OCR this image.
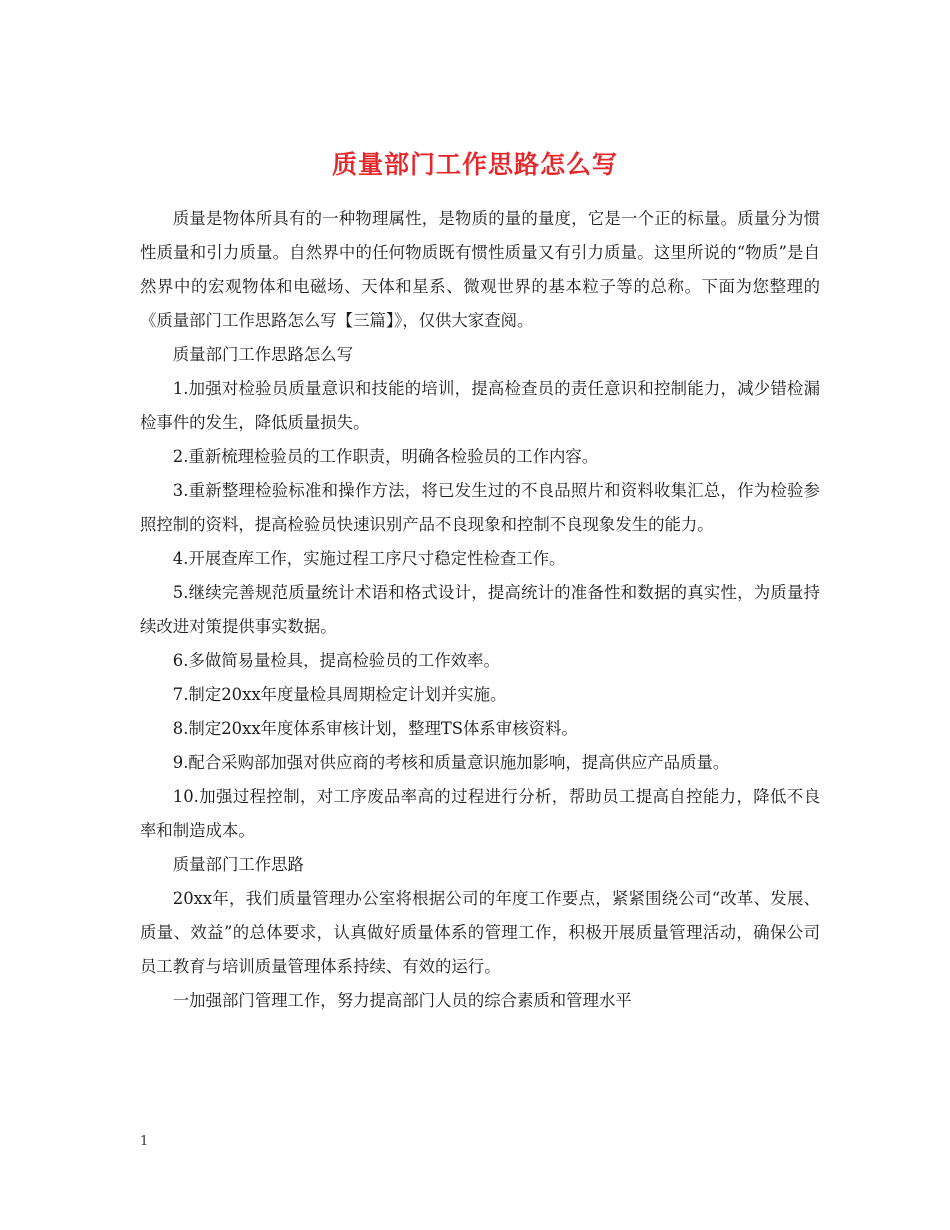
质量部门工作思路怎么写

质量是物体所具有的一种物理属性，是物质的量的量度，它是一个正的标量。质量分为惯性质量和引力质量。自然界中的任何物质既有惯性质量又有引力质量。这里所说的“物质”是自然界中的宏观物体和电磁场、天体和星系、微观世界的基本粒子等的总称。下面为您整理的《质量部门工作思路怎么写【三篇】》，仅供大家查阅。

质量部门工作思路怎么写

1.加强对检验员质量意识和技能的培训，提高检查员的责任意识和控制能力，减少错检漏检事件的发生，降低质量损失。

2.重新梳理检验员的工作职责，明确各检验员的工作内容。

3.重新整理检验标准和操作方法，将已发生过的不良品照片和资料收集汇总，作为检验参照控制的资料，提高检验员快速识别产品不良现象和控制不良现象发生的能力。

4.开展查库工作，实施过程工序尺寸稳定性检查工作。

5.继续完善规范质量统计术语和格式设计，提高统计的准备性和数据的真实性，为质量持续改进对策提供事实数据。

6.多做简易量检具，提高检验员的工作效率。

7.制定20xx年度量检具周期检定计划并实施。

8.制定20xx年度体系审核计划，整理TS体系审核资料。

9.配合采购部加强对供应商的考核和质量意识施加影响，提高供应产品质量。

10.加强过程控制，对工序废品率高的过程进行分析，帮助员工提高自控能力，降低不良率和制造成本。

质量部门工作思路

20xx年，我们质量管理办公室将根据公司的年度工作要点，紧紧围绕公司“改革、发展、质量、效益”的总体要求，认真做好质量体系的管理工作，积极开展质量管理活动，确保公司员工教育与培训质量管理体系持续、有效的运行。

一加强部门管理工作，努力提高部门人员的综合素质和管理水平

1
